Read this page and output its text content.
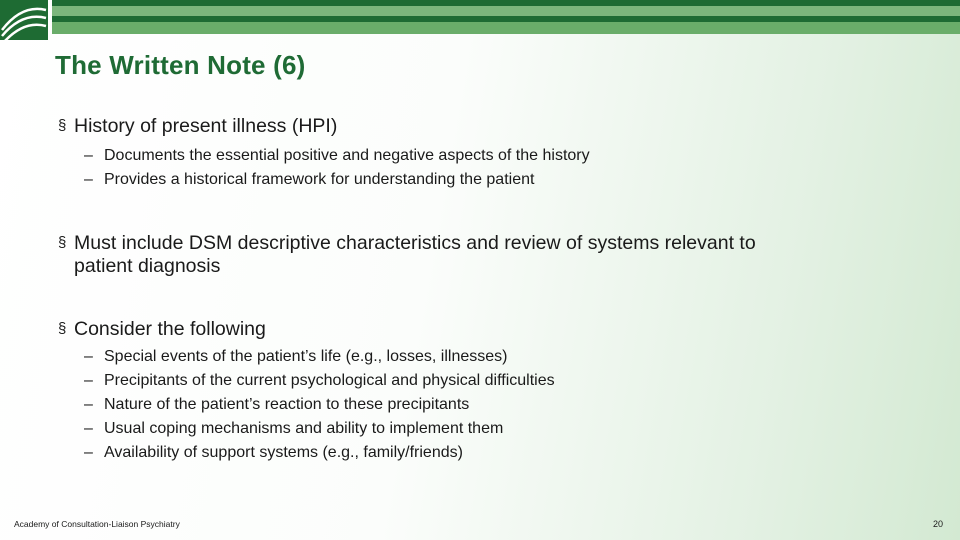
The Written Note (6)
§ History of present illness (HPI)
– Documents the essential positive and negative aspects of the history
– Provides a historical framework for understanding the patient
§ Must include DSM descriptive characteristics and review of systems relevant to
patient diagnosis
§ Consider the following
– Special events of the patient’s life (e.g., losses, illnesses)
– Precipitants of the current psychological and physical difficulties
– Nature of the patient’s reaction to these precipitants
– Usual coping mechanisms and ability to implement them
– Availability of support systems (e.g., family/friends)
Academy of Consultation-Liaison Psychiatry	20
